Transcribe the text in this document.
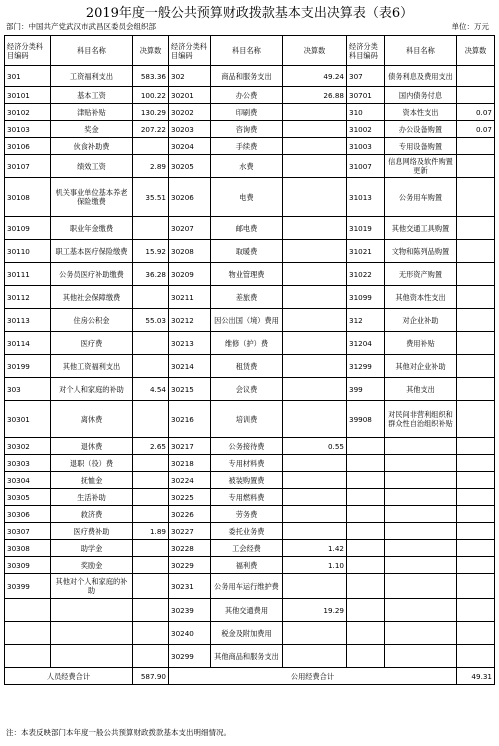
2019年度一般公共预算财政拨款基本支出决算表（表6）
部门：中国共产党武汉市武昌区委员会组织部	单位：万元
经济分类科目编码	科目名称	决算数	经济分类科目编码	科目名称	决算数	经济分类科目编码	科目名称	决算数
301	工资福利支出	583.36	302	商品和服务支出	49.24	307	债务利息及费用支出	
30101	基本工资	100.22	30201	办公费	26.88	30701	国内债务付息	
30102	津贴补贴	130.29	30202	印刷费		310	资本性支出	0.07
30103	奖金	207.22	30203	咨询费		31002	办公设备购置	0.07
30106	伙食补助费		30204	手续费		31003	专用设备购置	
30107	绩效工资	2.89	30205	水费		31007	信息网络及软件购置更新	
30108	机关事业单位基本养老保险缴费	35.51	30206	电费		31013	公务用车购置	
30109	职业年金缴费		30207	邮电费		31019	其他交通工具购置	
30110	职工基本医疗保险缴费	15.92	30208	取暖费		31021	文物和陈列品购置	
30111	公务员医疗补助缴费	36.28	30209	物业管理费		31022	无形资产购置	
30112	其他社会保障缴费		30211	差旅费		31099	其他资本性支出	
30113	住房公积金	55.03	30212	因公出国（境）费用		312	对企业补助	
30114	医疗费		30213	维修（护）费		31204	费用补贴	
30199	其他工资福利支出		30214	租赁费		31299	其他对企业补助	
303	对个人和家庭的补助	4.54	30215	会议费		399	其他支出	
30301	离休费		30216	培训费		39908	对民间非营利组织和群众性自治组织补贴	
30302	退休费	2.65	30217	公务接待费	0.55			
30303	退职（役）费		30218	专用材料费				
30304	抚恤金		30224	被装购置费				
30305	生活补助		30225	专用燃料费				
30306	救济费		30226	劳务费				
30307	医疗费补助	1.89	30227	委托业务费				
30308	助学金		30228	工会经费	1.42			
30309	奖励金		30229	福利费	1.10			
30399	其他对个人和家庭的补助		30231	公务用车运行维护费				
			30239	其他交通费用	19.29			
			30240	税金及附加费用				
			30299	其他商品和服务支出				
人员经费合计		587.90	公用经费合计					49.31
注：本表反映部门本年度一般公共预算财政拨款基本支出明细情况。
